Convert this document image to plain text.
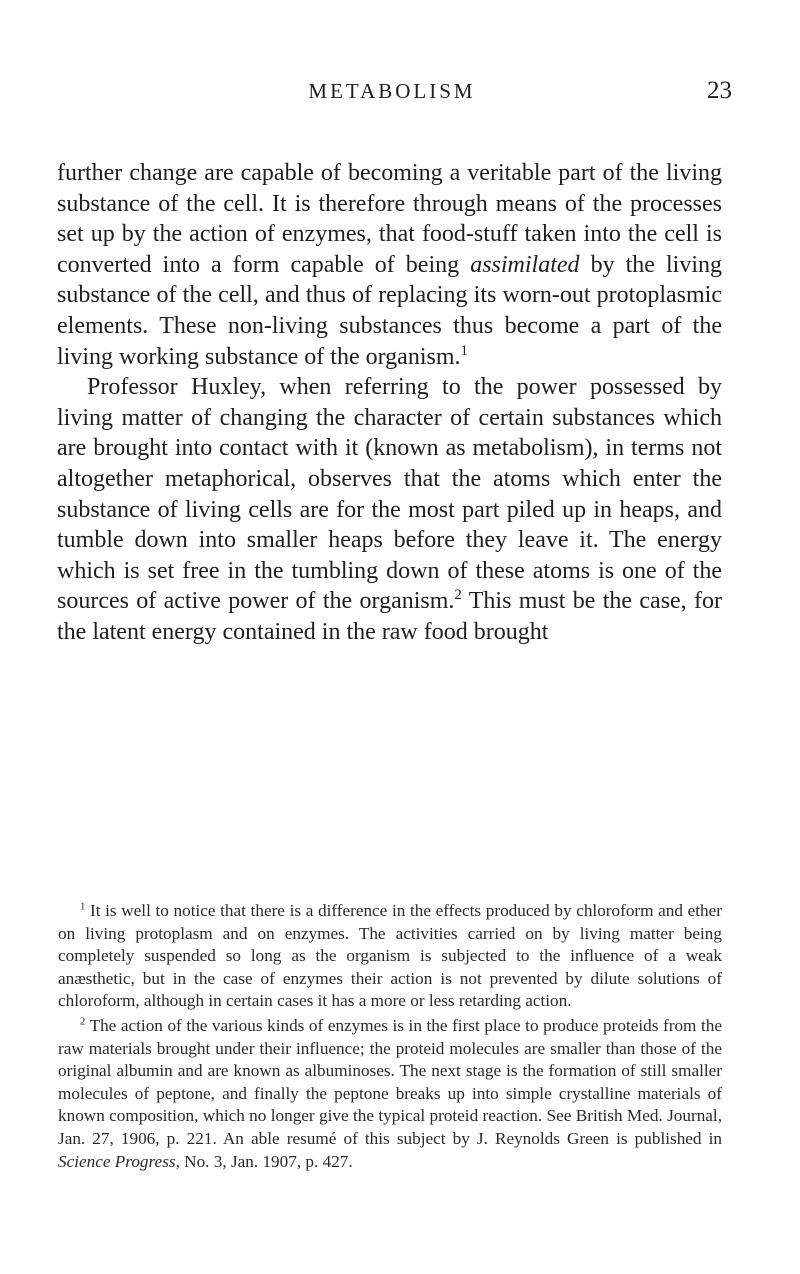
METABOLISM	23

further change are capable of becoming a veritable part of the living substance of the cell. It is therefore through means of the processes set up by the action of enzymes, that food-stuff taken into the cell is converted into a form capable of being assimilated by the living substance of the cell, and thus of replacing its worn-out protoplasmic elements. These non-living substances thus become a part of the living working substance of the organism.$^1$

Professor Huxley, when referring to the power possessed by living matter of changing the character of certain substances which are brought into contact with it (known as metabolism), in terms not altogether metaphorical, observes that the atoms which enter the substance of living cells are for the most part piled up in heaps, and tumble down into smaller heaps before they leave it. The energy which is set free in the tumbling down of these atoms is one of the sources of active power of the organism.$^2$ This must be the case, for the latent energy contained in the raw food brought

$^1$ It is well to notice that there is a difference in the effects produced by chloroform and ether on living protoplasm and on enzymes. The activities carried on by living matter being completely suspended so long as the organism is subjected to the influence of a weak anæsthetic, but in the case of enzymes their action is not prevented by dilute solutions of chloroform, although in certain cases it has a more or less retarding action.

$^2$ The action of the various kinds of enzymes is in the first place to produce proteids from the raw materials brought under their influence; the proteid molecules are smaller than those of the original albumin and are known as albuminoses. The next stage is the formation of still smaller molecules of peptone, and finally the peptone breaks up into simple crystalline materials of known composition, which no longer give the typical proteid reaction. See British Med. Journal, Jan. 27, 1906, p. 221. An able resumé of this subject by J. Reynolds Green is published in Science Progress, No. 3, Jan. 1907, p. 427.
